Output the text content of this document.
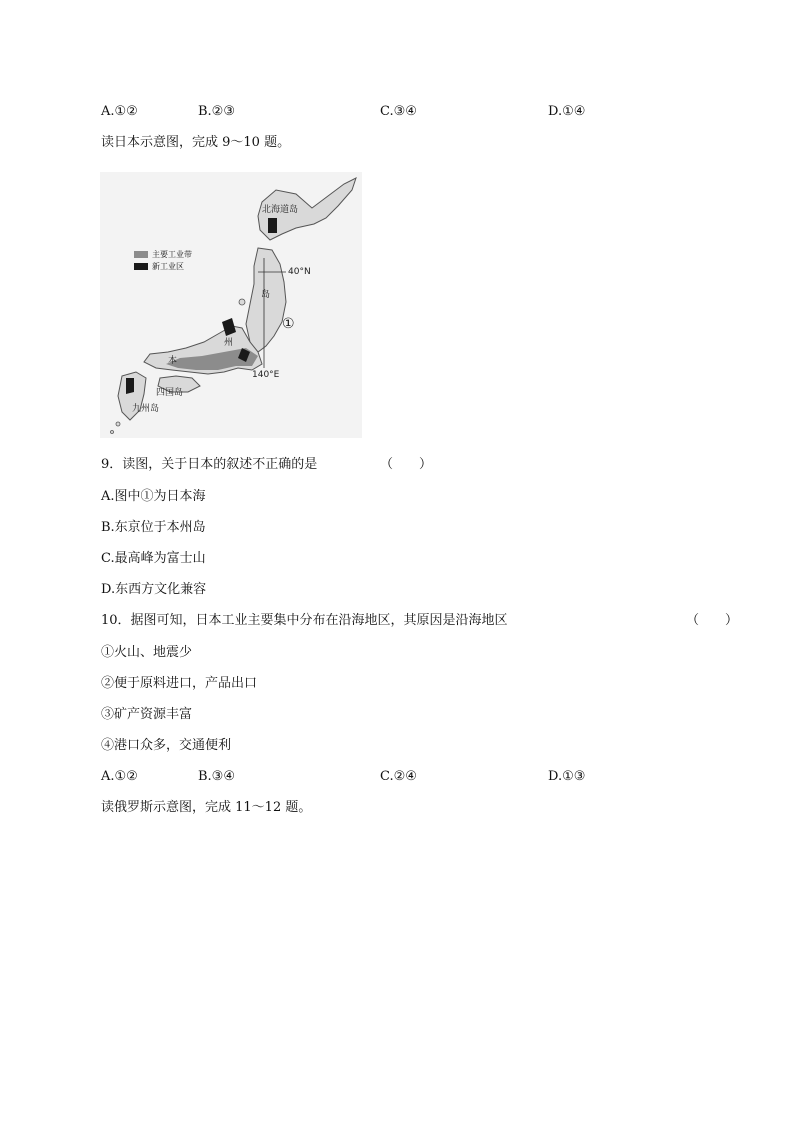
A.①②	B.②③	C.③④	D.①④
读日本示意图，完成 9～10 题。
主要工业带
新工业区
北海道岛
40°N
岛
①
州
本
140°E
四国岛
九州岛
9．读图，关于日本的叙述不正确的是	（　　）
A.图中①为日本海
B.东京位于本州岛
C.最高峰为富士山
D.东西方文化兼容
10．据图可知，日本工业主要集中分布在沿海地区，其原因是沿海地区	（　　）
①火山、地震少
②便于原料进口，产品出口
③矿产资源丰富
④港口众多，交通便利
A.①②	B.③④	C.②④	D.①③
读俄罗斯示意图，完成 11～12 题。
